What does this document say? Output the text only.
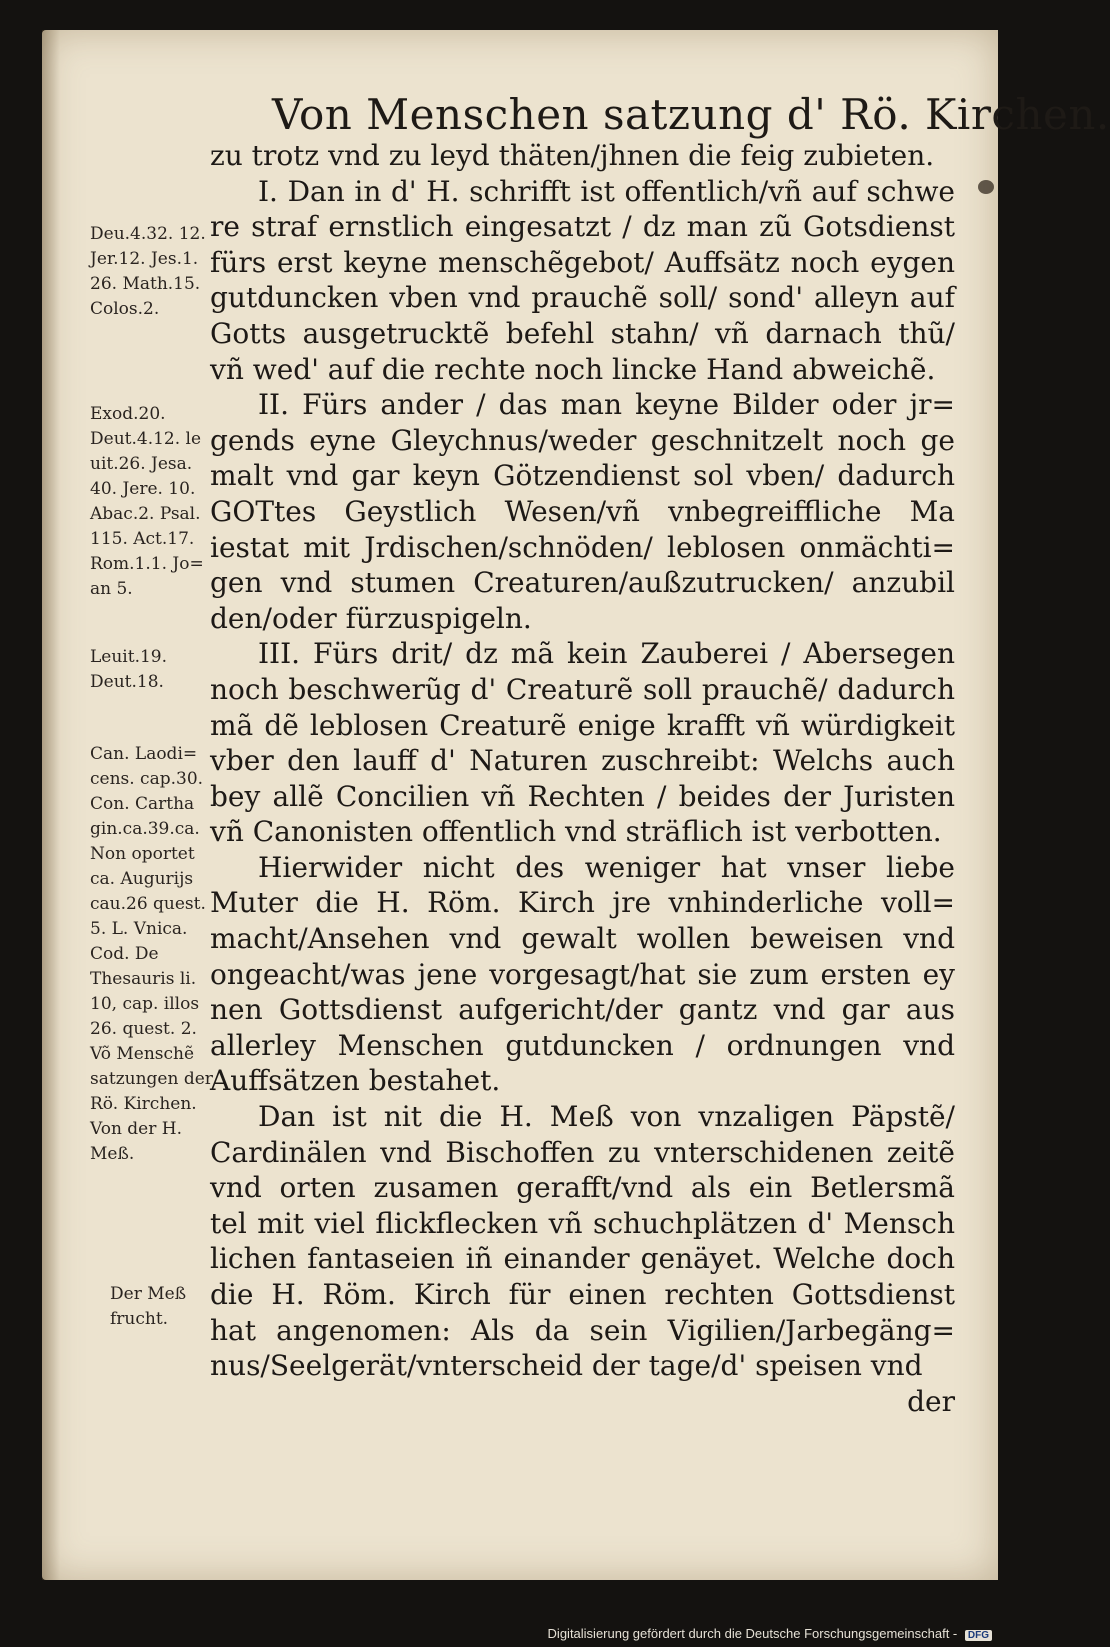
Von Menschen satzung d' Rö. Kirchen.
zu trotz vnd zu leyd thäten/jhnen die feig zubieten.
I. Dan in d' H. schrifft ist offentlich/vñ auf schwe
re straf ernstlich eingesatzt / dz man zũ Gotsdienst
fürs erst keyne menschẽgebot/ Auffsätz noch eygen
gutduncken vben vnd prauchẽ soll/ sond' alleyn auf
Gotts ausgetrucktẽ befehl stahn/ vñ darnach thũ/
vñ wed' auf die rechte noch lincke Hand abweichẽ.
II. Fürs ander / das man keyne Bilder oder jr=
gends eyne Gleychnus/weder geschnitzelt noch ge
malt vnd gar keyn Götzendienst sol vben/ dadurch
GOTtes Geystlich Wesen/vñ vnbegreiffliche Ma
iestat mit Jrdischen/schnöden/ leblosen onmächti=
gen vnd stumen Creaturen/außzutrucken/ anzubil
den/oder fürzuspigeln.
III. Fürs drit/ dz mã kein Zauberei / Abersegen
noch beschwerũg d' Creaturẽ soll prauchẽ/ dadurch
mã dẽ leblosen Creaturẽ enige krafft vñ würdigkeit
vber den lauff d' Naturen zuschreibt: Welchs auch
bey allẽ Concilien vñ Rechten / beides der Juristen
vñ Canonisten offentlich vnd sträflich ist verbotten.
Hierwider nicht des weniger hat vnser liebe
Muter die H. Röm. Kirch jre vnhinderliche voll=
macht/Ansehen vnd gewalt wollen beweisen vnd
ongeacht/was jene vorgesagt/hat sie zum ersten ey
nen Gottsdienst aufgericht/der gantz vnd gar aus
allerley Menschen gutduncken / ordnungen vnd
Auffsätzen bestahet.
Dan ist nit die H. Meß von vnzaligen Päpstẽ/
Cardinälen vnd Bischoffen zu vnterschidenen zeitẽ
vnd orten zusamen gerafft/vnd als ein Betlersmã
tel mit viel flickflecken vñ schuchplätzen d' Mensch
lichen fantaseien iñ einander genäyet. Welche doch
die H. Röm. Kirch für einen rechten Gottsdienst
hat angenomen: Als da sein Vigilien/Jarbegäng=
nus/Seelgerät/vnterscheid der tage/d' speisen vnd
der
Deu.4.32. 12.
Jer.12. Jes.1.
26. Math.15.
Colos.2.
Exod.20.
Deut.4.12. le
uit.26. Jesa.
40. Jere. 10.
Abac.2. Psal.
115. Act.17.
Rom.1.1. Jo=
an 5.
Leuit.19.
Deut.18.
Can. Laodi=
cens. cap.30.
Con. Cartha
gin.ca.39.ca.
Non oportet
ca. Augurijs
cau.26 quest.
5. L. Vnica.
Cod. De
Thesauris li.
10, cap. illos
26. quest. 2.
Võ Menschẽ
satzungen der
Rö. Kirchen.
Von der H.
Meß.
Der Meß
frucht.
Digitalisierung gefördert durch die Deutsche Forschungsgemeinschaft - DFG
